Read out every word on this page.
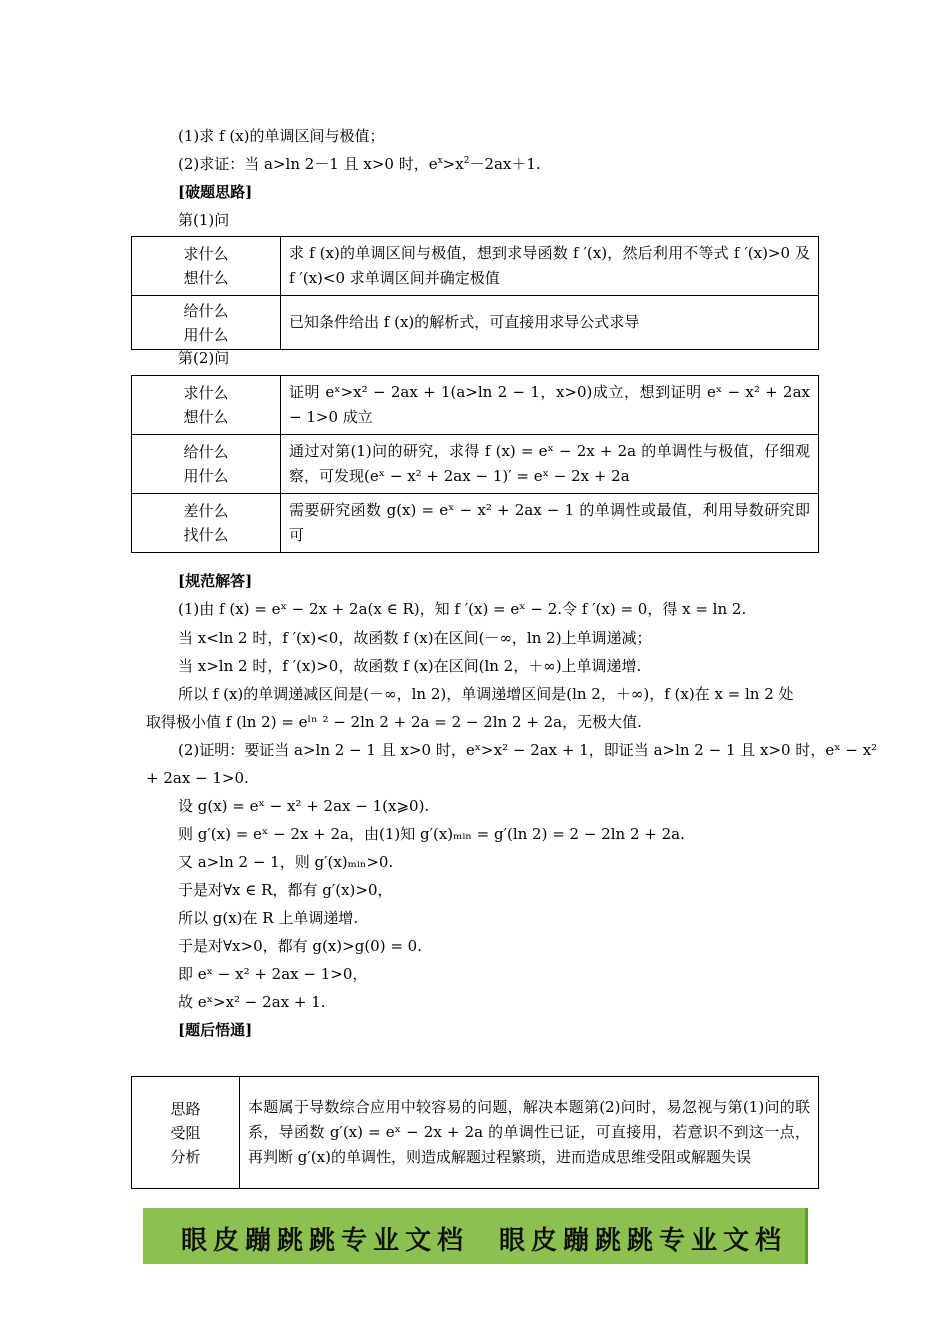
(1)求 f (x)的单调区间与极值；
(2)求证：当 a>ln 2－1 且 x>0 时，$e^x>x^2-2ax+1$.
[破题思路]
第(1)问
求什么
想什么	求 f (x)的单调区间与极值，想到求导函数 f ′(x)，然后利用不等式 f ′(x)>0 及 f ′(x)<0 求单调区间并确定极值

给什么
用什么	已知条件给出 f (x)的解析式，可直接用求导公式求导
第(2)问
求什么
想什么	证明 eˣ>x² − 2ax + 1(a>ln 2 − 1，x>0)成立，想到证明 eˣ − x² + 2ax − 1>0 成立

给什么
用什么	通过对第(1)问的研究，求得 f (x) = eˣ − 2x + 2a 的单调性与极值，仔细观察，可发现(eˣ − x² + 2ax − 1)′ = eˣ − 2x + 2a

差什么
找什么	需要研究函数 g(x) = eˣ − x² + 2ax − 1 的单调性或最值，利用导数研究即可
[规范解答]
(1)由 f (x) = eˣ − 2x + 2a(x ∈ R)，知 f ′(x) = eˣ − 2.令 f ′(x) = 0，得 x = ln 2.
当 x<ln 2 时，f ′(x)<0，故函数 f (x)在区间(－∞，ln 2)上单调递减；
当 x>ln 2 时，f ′(x)>0，故函数 f (x)在区间(ln 2，＋∞)上单调递增.
所以 f (x)的单调递减区间是(－∞，ln 2)，单调递增区间是(ln 2，＋∞)，f (x)在 x = ln 2 处
取得极小值 f (ln 2) = eˡⁿ ² − 2ln 2 + 2a = 2 − 2ln 2 + 2a，无极大值.
(2)证明：要证当 a>ln 2 − 1 且 x>0 时，eˣ>x² − 2ax + 1，即证当 a>ln 2 − 1 且 x>0 时，eˣ − x²
+ 2ax − 1>0.
设 g(x) = eˣ − x² + 2ax − 1(x⩾0).
则 g′(x) = eˣ − 2x + 2a，由(1)知 g′(x)ₘᵢₙ = g′(ln 2) = 2 − 2ln 2 + 2a.
又 a>ln 2 − 1，则 g′(x)ₘᵢₙ>0.
于是对∀x ∈ R，都有 g′(x)>0，
所以 g(x)在 R 上单调递增.
于是对∀x>0，都有 g(x)>g(0) = 0.
即 eˣ − x² + 2ax − 1>0，
故 eˣ>x² − 2ax + 1.
[题后悟通]
思路
受阻
分析
	本题属于导数综合应用中较容易的问题，解决本题第(2)问时，易忽视与第(1)问的联系，导函数 g′(x) = eˣ − 2x + 2a 的单调性已证，可直接用，若意识不到这一点，再判断 g′(x)的单调性，则造成解题过程繁琐，进而造成思维受阻或解题失误
眼皮蹦跳跳专业文档 眼皮蹦跳跳专业文档
